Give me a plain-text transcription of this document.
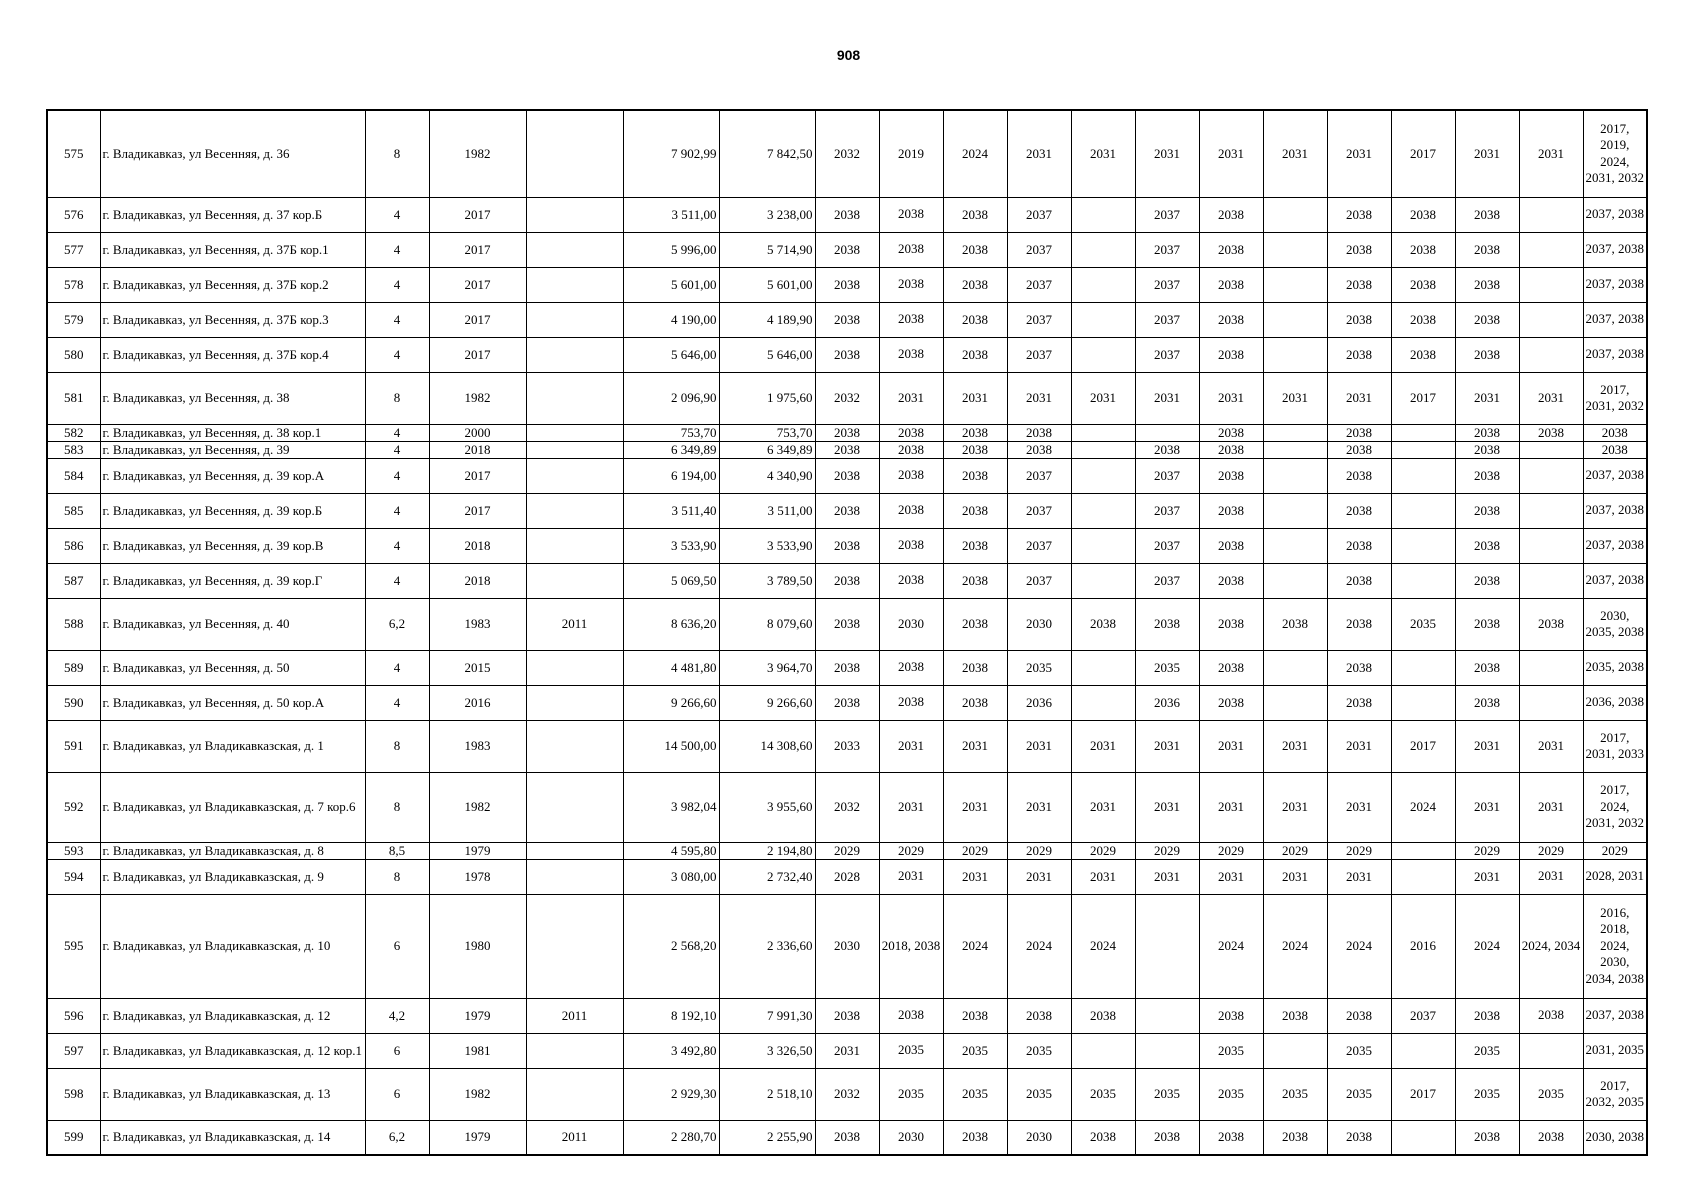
908
575	г. Владикавказ, ул Весенняя, д. 36	8	1982		7 902,99	7 842,50	2032	2019	2024	2031	2031	2031	2031	2031	2031	2017	2031	2031	2017, 2019, 2024, 2031, 2032
576	г. Владикавказ, ул Весенняя, д. 37 кор.Б	4	2017		3 511,00	3 238,00	2038	2038	2038	2037		2037	2038		2038	2038	2038		2037, 2038
577	г. Владикавказ, ул Весенняя, д. 37Б кор.1	4	2017		5 996,00	5 714,90	2038	2038	2038	2037		2037	2038		2038	2038	2038		2037, 2038
578	г. Владикавказ, ул Весенняя, д. 37Б кор.2	4	2017		5 601,00	5 601,00	2038	2038	2038	2037		2037	2038		2038	2038	2038		2037, 2038
579	г. Владикавказ, ул Весенняя, д. 37Б кор.3	4	2017		4 190,00	4 189,90	2038	2038	2038	2037		2037	2038		2038	2038	2038		2037, 2038
580	г. Владикавказ, ул Весенняя, д. 37Б кор.4	4	2017		5 646,00	5 646,00	2038	2038	2038	2037		2037	2038		2038	2038	2038		2037, 2038
581	г. Владикавказ, ул Весенняя, д. 38	8	1982		2 096,90	1 975,60	2032	2031	2031	2031	2031	2031	2031	2031	2031	2017	2031	2031	2017, 2031, 2032
582	г. Владикавказ, ул Весенняя, д. 38 кор.1	4	2000		753,70	753,70	2038	2038	2038	2038			2038		2038		2038	2038	2038
583	г. Владикавказ, ул Весенняя, д. 39	4	2018		6 349,89	6 349,89	2038	2038	2038	2038		2038	2038		2038		2038		2038
584	г. Владикавказ, ул Весенняя, д. 39 кор.А	4	2017		6 194,00	4 340,90	2038	2038	2038	2037		2037	2038		2038		2038		2037, 2038
585	г. Владикавказ, ул Весенняя, д. 39 кор.Б	4	2017		3 511,40	3 511,00	2038	2038	2038	2037		2037	2038		2038		2038		2037, 2038
586	г. Владикавказ, ул Весенняя, д. 39 кор.В	4	2018		3 533,90	3 533,90	2038	2038	2038	2037		2037	2038		2038		2038		2037, 2038
587	г. Владикавказ, ул Весенняя, д. 39 кор.Г	4	2018		5 069,50	3 789,50	2038	2038	2038	2037		2037	2038		2038		2038		2037, 2038
588	г. Владикавказ, ул Весенняя, д. 40	6,2	1983	2011	8 636,20	8 079,60	2038	2030	2038	2030	2038	2038	2038	2038	2038	2035	2038	2038	2030, 2035, 2038
589	г. Владикавказ, ул Весенняя, д. 50	4	2015		4 481,80	3 964,70	2038	2038	2038	2035		2035	2038		2038		2038		2035, 2038
590	г. Владикавказ, ул Весенняя, д. 50 кор.А	4	2016		9 266,60	9 266,60	2038	2038	2038	2036		2036	2038		2038		2038		2036, 2038
591	г. Владикавказ, ул Владикавказская, д. 1	8	1983		14 500,00	14 308,60	2033	2031	2031	2031	2031	2031	2031	2031	2031	2017	2031	2031	2017, 2031, 2033
592	г. Владикавказ, ул Владикавказская, д. 7 кор.6	8	1982		3 982,04	3 955,60	2032	2031	2031	2031	2031	2031	2031	2031	2031	2024	2031	2031	2017, 2024, 2031, 2032
593	г. Владикавказ, ул Владикавказская, д. 8	8,5	1979		4 595,80	2 194,80	2029	2029	2029	2029	2029	2029	2029	2029	2029		2029	2029	2029
594	г. Владикавказ, ул Владикавказская, д. 9	8	1978		3 080,00	2 732,40	2028	2031	2031	2031	2031	2031	2031	2031	2031		2031	2031	2028, 2031
595	г. Владикавказ, ул Владикавказская, д. 10	6	1980		2 568,20	2 336,60	2030	2018, 2038	2024	2024	2024		2024	2024	2024	2016	2024	2024, 2034	2016, 2018, 2024, 2030, 2034, 2038
596	г. Владикавказ, ул Владикавказская, д. 12	4,2	1979	2011	8 192,10	7 991,30	2038	2038	2038	2038	2038		2038	2038	2038	2037	2038	2038	2037, 2038
597	г. Владикавказ, ул Владикавказская, д. 12 кор.1	6	1981		3 492,80	3 326,50	2031	2035	2035	2035			2035		2035		2035		2031, 2035
598	г. Владикавказ, ул Владикавказская, д. 13	6	1982		2 929,30	2 518,10	2032	2035	2035	2035	2035	2035	2035	2035	2035	2017	2035	2035	2017, 2032, 2035
599	г. Владикавказ, ул Владикавказская, д. 14	6,2	1979	2011	2 280,70	2 255,90	2038	2030	2038	2030	2038	2038	2038	2038	2038		2038	2038	2030, 2038
